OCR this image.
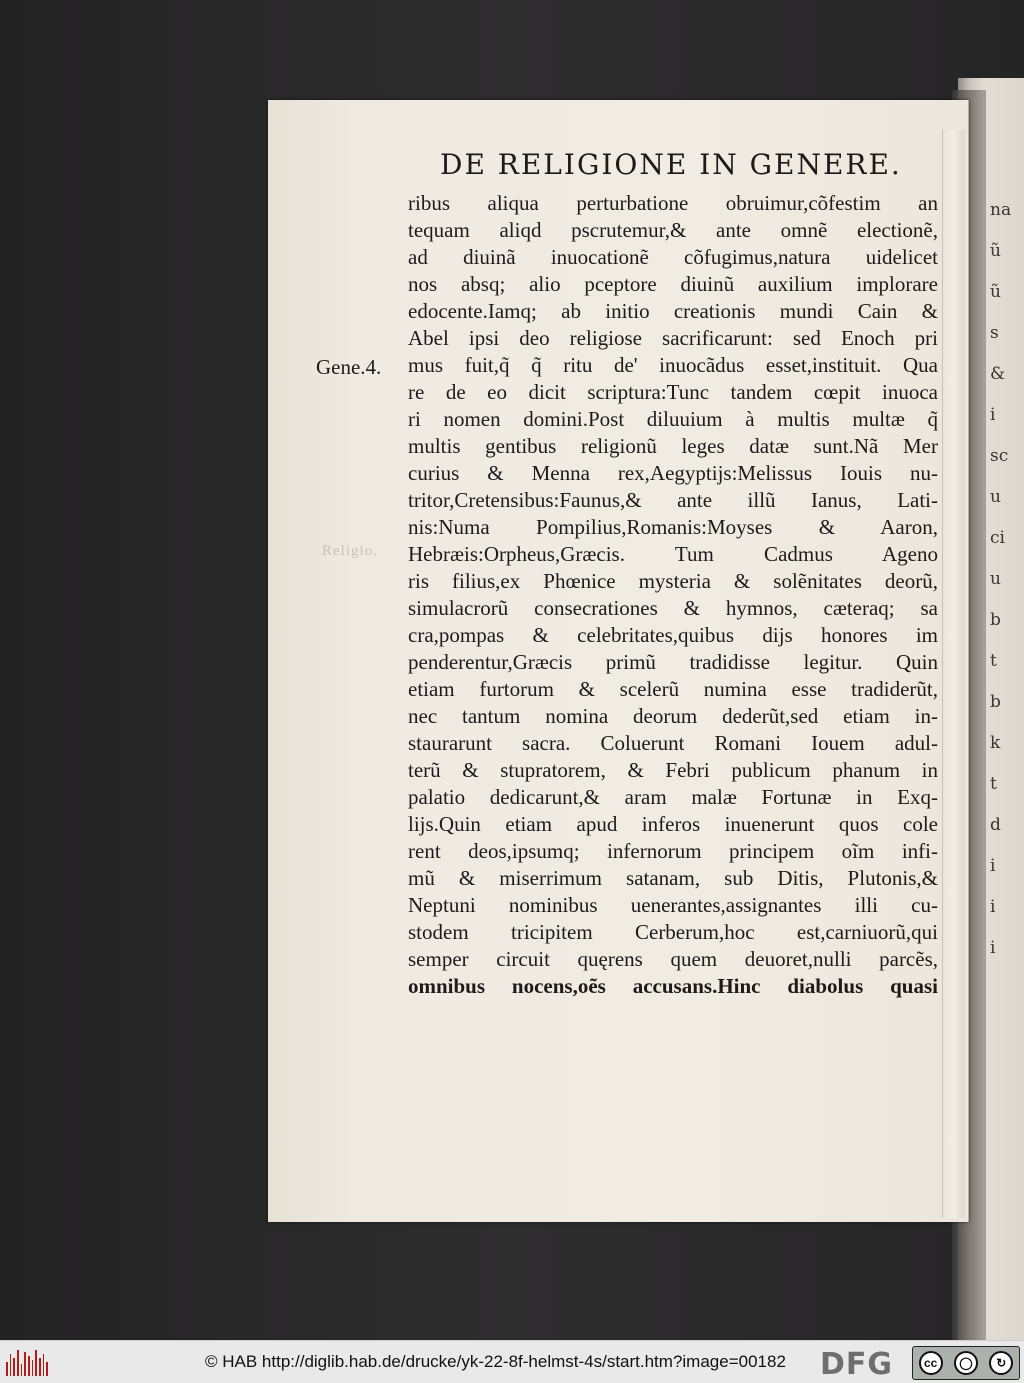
na
ũ
ũ
s
&
i
sc
u
ci
u
b
t
b
k
t
d
i
i
i
DE RELIGIONE IN GENERE.
Gene.4.
Religio.
ribus aliqua perturbatione obruimur,cõfestim an
tequam aliqd pscrutemur,& ante omnẽ electionẽ,
ad diuinã inuocationẽ cõfugimus,natura uidelicet
nos absq; alio pceptore diuinũ auxilium implorare
edocente.Iamq; ab initio creationis mundi Cain &
Abel ipsi deo religiose sacrificarunt: sed Enoch pri
mus fuit,q̃ q̃ ritu de' inuocãdus esset,instituit. Qua
re de eo dicit scriptura:Tunc tandem cœpit inuoca
ri nomen domini.Post diluuium à multis multæ q̃
multis gentibus religionũ leges datæ sunt.Nã Mer
curius & Menna rex,Aegyptijs:Melissus Iouis nu-
tritor,Cretensibus:Faunus,& ante illũ Ianus, Lati-
nis:Numa Pompilius,Romanis:Moyses & Aaron,
Hebræis:Orpheus,Græcis. Tum Cadmus Ageno
ris filius,ex Phœnice mysteria & solẽnitates deorũ,
simulacrorũ consecrationes & hymnos, cæteraq; sa
cra,pompas & celebritates,quibus dijs honores im
penderentur,Græcis primũ tradidisse legitur. Quin
etiam furtorum & scelerũ numina esse tradiderũt,
nec tantum nomina deorum dederũt,sed etiam in-
staurarunt sacra. Coluerunt Romani Iouem adul-
terũ & stupratorem, & Febri publicum phanum in
palatio dedicarunt,& aram malæ Fortunæ in Exq-
lijs.Quin etiam apud inferos inuenerunt quos cole
rent deos,ipsumq; infernorum principem oĩm infi-
mũ & miserrimum satanam, sub Ditis, Plutonis,&
Neptuni nominibus uenerantes,assignantes illi cu-
stodem tricipitem Cerberum,hoc est,carniuorũ,qui
semper circuit quęrens quem deuoret,nulli parcẽs,
omnibus nocens,oẽs accusans.Hinc diabolus quasi
© HAB http://diglib.hab.de/drucke/yk-22-8f-helmst-4s/start.htm?image=00182 DFG	cc	◯	↻
